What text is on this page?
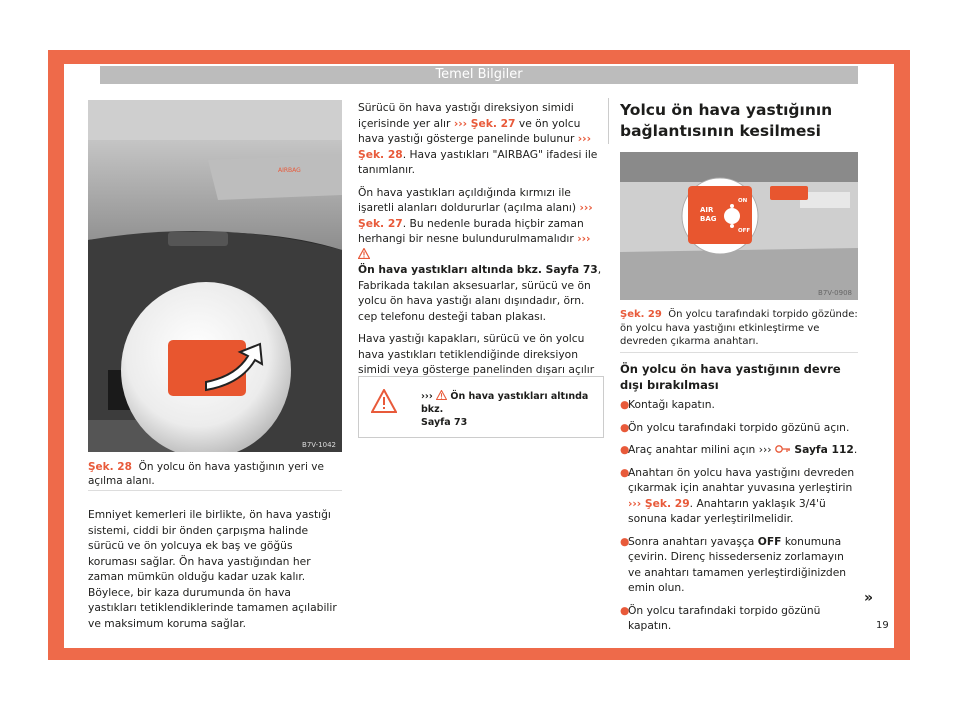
Temel Bilgiler
AIRBAG
B7V-1042
Şek. 28 Ön yolcu ön hava yastığının yeri ve açılma alanı.
Emniyet kemerleri ile birlikte, ön hava yastığı sistemi, ciddi bir önden çarpışma halinde sürücü ve ön yolcuya ek baş ve göğüs koruması sağlar. Ön hava yastığından her zaman mümkün olduğu kadar uzak kalır. Böylece, bir kaza durumunda ön hava yastıkları tetiklendiklerinde tamamen açılabilir ve maksimum koruma sağlar.

Sürücü ön hava yastığı direksiyon simidi içerisinde yer alır ››› Şek. 27 ve ön yolcu hava yastığı gösterge panelinde bulunur ››› Şek. 28. Hava yastıkları "AIRBAG" ifadesi ile tanımlanır.

Ön hava yastıkları açıldığında kırmızı ile işaretli alanları doldururlar (açılma alanı) ››› Şek. 27. Bu nedenle burada hiçbir zaman herhangi bir nesne bulundurulmamalıdır ›››
Ön hava yastıkları altında bkz. Sayfa 73, Fabrikada takılan aksesuarlar, sürücü ve ön yolcu ön hava yastığı alanı dışındadır, örn. cep telefonu desteği taban plakası.

Hava yastığı kapakları, sürücü ve ön yolcu hava yastıkları tetiklendiğinde direksiyon simidi veya gösterge panelinden dışarı açılır

››› Ön hava yastıkları altında bkz.
Sayfa 73
Yolcu ön hava yastığının bağlantısının kesilmesi
AIR
BAG
ON
OFF
B7V-0908
Şek. 29 Ön yolcu tarafındaki torpido gözünde: ön yolcu hava yastığını etkinleştirme ve devreden çıkarma anahtarı.
Ön yolcu ön hava yastığının devre dışı bırakılması
●
Kontağı kapatın.
●
Ön yolcu tarafındaki torpido gözünü açın.
●
Araç anahtar milini açın ››› Sayfa 112.
●
Anahtarı ön yolcu hava yastığını devreden çıkarmak için anahtar yuvasına yerleştirin ››› Şek. 29. Anahtarın yaklaşık 3/4'ü sonuna kadar yerleştirilmelidir.
●
Sonra anahtarı yavaşça OFF konumuna çevirin. Direnç hissederseniz zorlamayın ve anahtarı tamamen yerleştirdiğinizden emin olun.
●
Ön yolcu tarafındaki torpido gözünü kapatın.
»
19
